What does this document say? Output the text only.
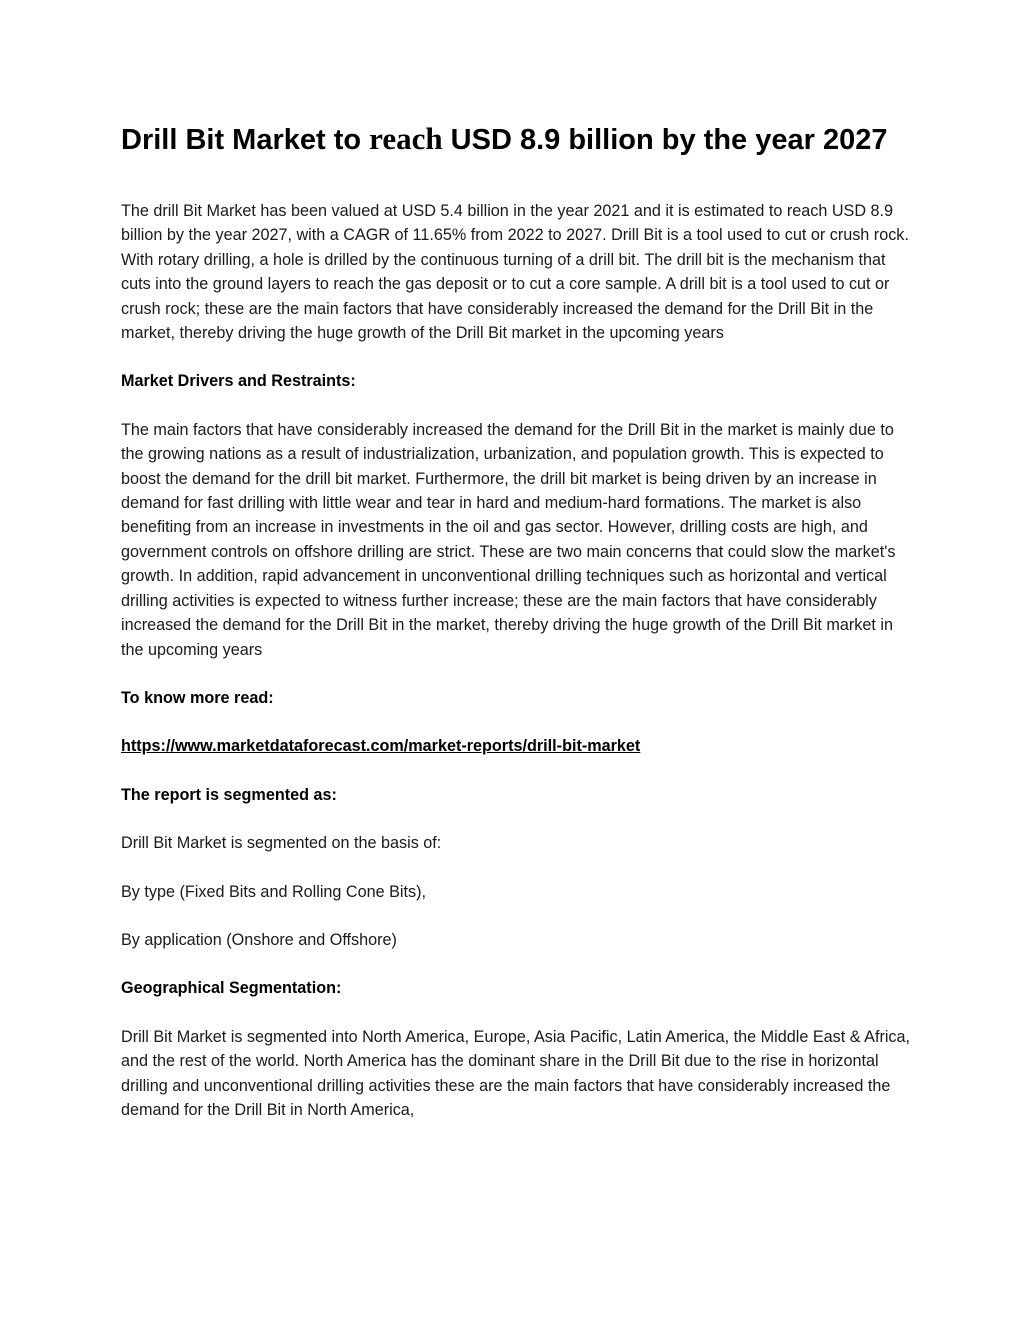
Drill Bit Market to reach USD 8.9 billion by the year 2027

The drill Bit Market has been valued at USD 5.4 billion in the year 2021 and it is estimated to reach USD 8.9 billion by the year 2027, with a CAGR of 11.65% from 2022 to 2027. Drill Bit is a tool used to cut or crush rock. With rotary drilling, a hole is drilled by the continuous turning of a drill bit. The drill bit is the mechanism that cuts into the ground layers to reach the gas deposit or to cut a core sample. A drill bit is a tool used to cut or crush rock; these are the main factors that have considerably increased the demand for the Drill Bit in the market, thereby driving the huge growth of the Drill Bit market in the upcoming years

Market Drivers and Restraints:

The main factors that have considerably increased the demand for the Drill Bit in the market is mainly due to the growing nations as a result of industrialization, urbanization, and population growth. This is expected to boost the demand for the drill bit market. Furthermore, the drill bit market is being driven by an increase in demand for fast drilling with little wear and tear in hard and medium-hard formations. The market is also benefiting from an increase in investments in the oil and gas sector. However, drilling costs are high, and government controls on offshore drilling are strict. These are two main concerns that could slow the market's growth. In addition, rapid advancement in unconventional drilling techniques such as horizontal and vertical drilling activities is expected to witness further increase; these are the main factors that have considerably increased the demand for the Drill Bit in the market, thereby driving the huge growth of the Drill Bit market in the upcoming years

To know more read:

https://www.marketdataforecast.com/market-reports/drill-bit-market

The report is segmented as:

Drill Bit Market is segmented on the basis of:

By type (Fixed Bits and Rolling Cone Bits),

By application (Onshore and Offshore)

Geographical Segmentation:

Drill Bit Market is segmented into North America, Europe, Asia Pacific, Latin America, the Middle East & Africa, and the rest of the world. North America has the dominant share in the Drill Bit due to the rise in horizontal drilling and unconventional drilling activities these are the main factors that have considerably increased the demand for the Drill Bit in North America,
